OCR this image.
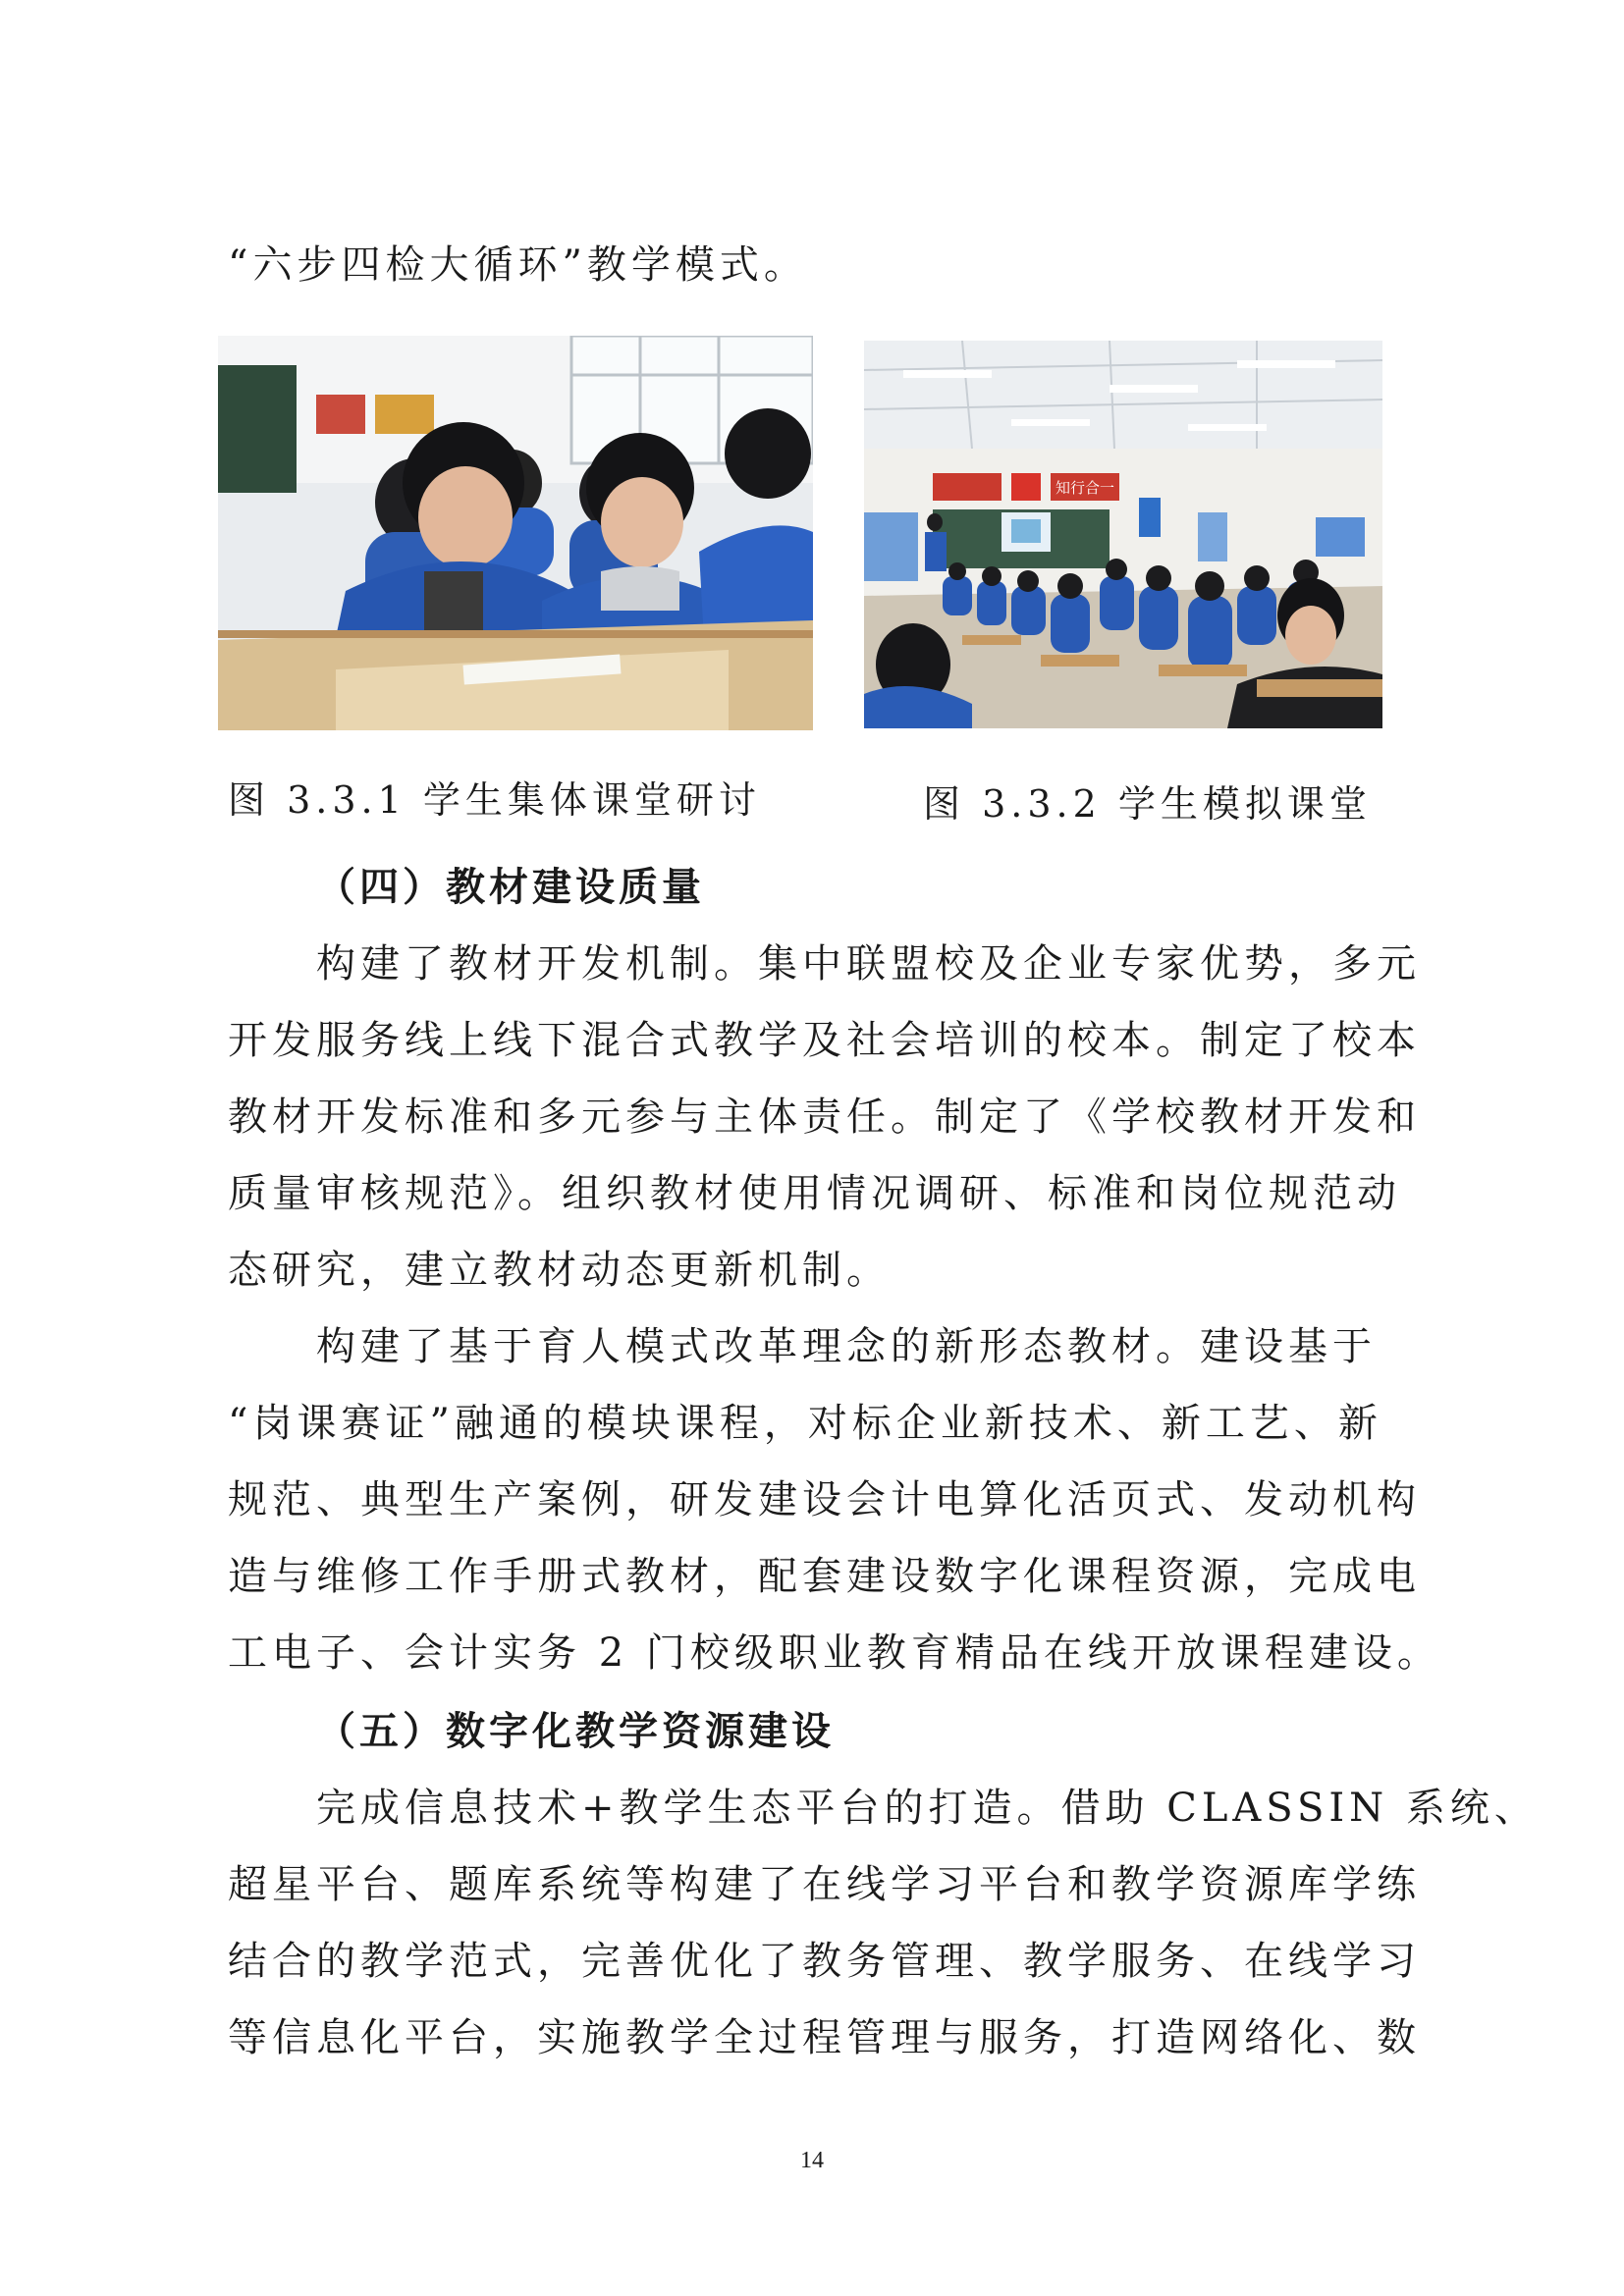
“六步四检大循环”教学模式。
知行合一
图 3.3.1 学生集体课堂研讨	图 3.3.2 学生模拟课堂
（四）教材建设质量
构建了教材开发机制。集中联盟校及企业专家优势，多元
开发服务线上线下混合式教学及社会培训的校本。制定了校本
教材开发标准和多元参与主体责任。制定了《学校教材开发和
质量审核规范》。组织教材使用情况调研、标准和岗位规范动
态研究，建立教材动态更新机制。
构建了基于育人模式改革理念的新形态教材。建设基于
“岗课赛证”融通的模块课程，对标企业新技术、新工艺、新
规范、典型生产案例，研发建设会计电算化活页式、发动机构
造与维修工作手册式教材，配套建设数字化课程资源，完成电
工电子、会计实务 2 门校级职业教育精品在线开放课程建设。
（五）数字化教学资源建设
完成信息技术+教学生态平台的打造。借助 CLASSIN 系统、
超星平台、题库系统等构建了在线学习平台和教学资源库学练
结合的教学范式，完善优化了教务管理、教学服务、在线学习
等信息化平台，实施教学全过程管理与服务，打造网络化、数
14
